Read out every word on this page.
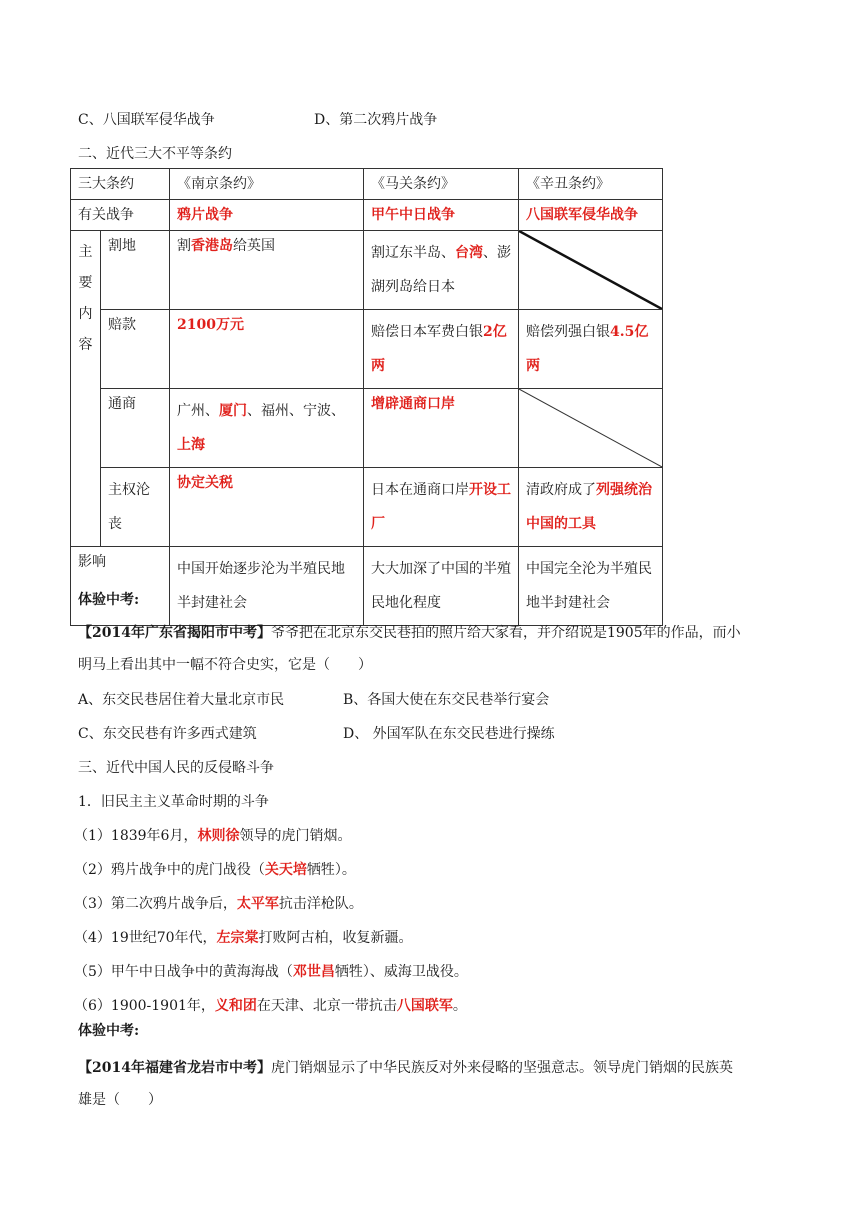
C、八国联军侵华战争	D、第二次鸦片战争
二、近代三大不平等条约
三大条约		《南京条约》	《马关条约》	《辛丑条约》
有关战争		鸦片战争	甲午中日战争	八国联军侵华战争
主要内容	割地	割香港岛给英国	割辽东半岛、台湾、澎湖列岛给日本	

	赔款	2100万元	赔偿日本军费白银2亿两	赔偿列强白银4.5亿两
	通商	广州、厦门、福州、宁波、上海	增辟通商口岸	

	主权沦丧	协定关税	日本在通商口岸开设工厂	清政府成了列强统治中国的工具
影响		中国开始逐步沦为半殖民地半封建社会	大大加深了中国的半殖民地化程度	中国完全沦为半殖民地半封建社会
体验中考:
【2014年广东省揭阳市中考】爷爷把在北京东交民巷拍的照片给大家看，并介绍说是1905年的作品，而小
明马上看出其中一幅不符合史实，它是（　　）
A、东交民巷居住着大量北京市民	B、各国大使在东交民巷举行宴会
C、东交民巷有许多西式建筑	D、 外国军队在东交民巷进行操练
三、近代中国人民的反侵略斗争
1．旧民主主义革命时期的斗争
（1）1839年6月，林则徐领导的虎门销烟。
（2）鸦片战争中的虎门战役（关天培牺牲）。
（3）第二次鸦片战争后，太平军抗击洋枪队。
（4）19世纪70年代，左宗棠打败阿古柏，收复新疆。
（5）甲午中日战争中的黄海海战（邓世昌牺牲）、威海卫战役。
（6）1900-1901年，义和团在天津、北京一带抗击八国联军。
体验中考:
【2014年福建省龙岩市中考】虎门销烟显示了中华民族反对外来侵略的坚强意志。领导虎门销烟的民族英
雄是（　　）
